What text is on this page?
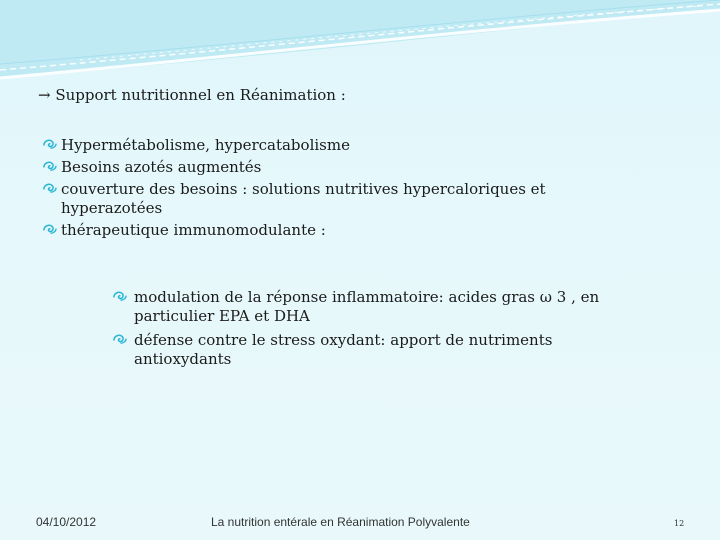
→ Support nutritionnel en Réanimation :
Hypermétabolisme, hypercatabolisme
Besoins azotés augmentés
couverture des besoins : solutions nutritives hypercaloriques et hyperazotées
thérapeutique immunomodulante :
modulation de la réponse inflammatoire: acides gras ω 3 , en particulier EPA et DHA
défense contre le stress oxydant: apport de nutriments antioxydants
04/10/2012	La nutrition entérale en Réanimation Polyvalente	12
